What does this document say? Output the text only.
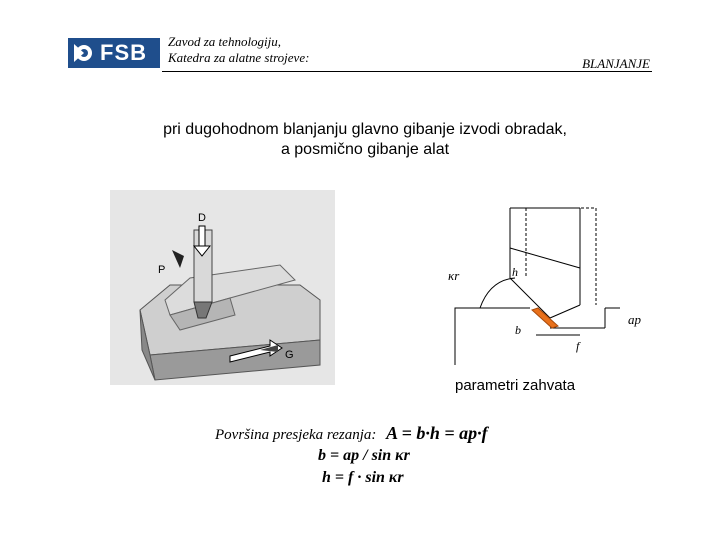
FSB Zavod za tehnologiju,
Katedra za alatne strojeve:	BLANJANJE
pri dugohodnom blanjanju glavno gibanje izvodi obradak,
a posmično gibanje alat
D
P
G
κr	h
b
f
ap
parametri zahvata
Površina presjeka rezanja: A = b·h = ap·f
b = ap / sin κr
h = f · sin κr
